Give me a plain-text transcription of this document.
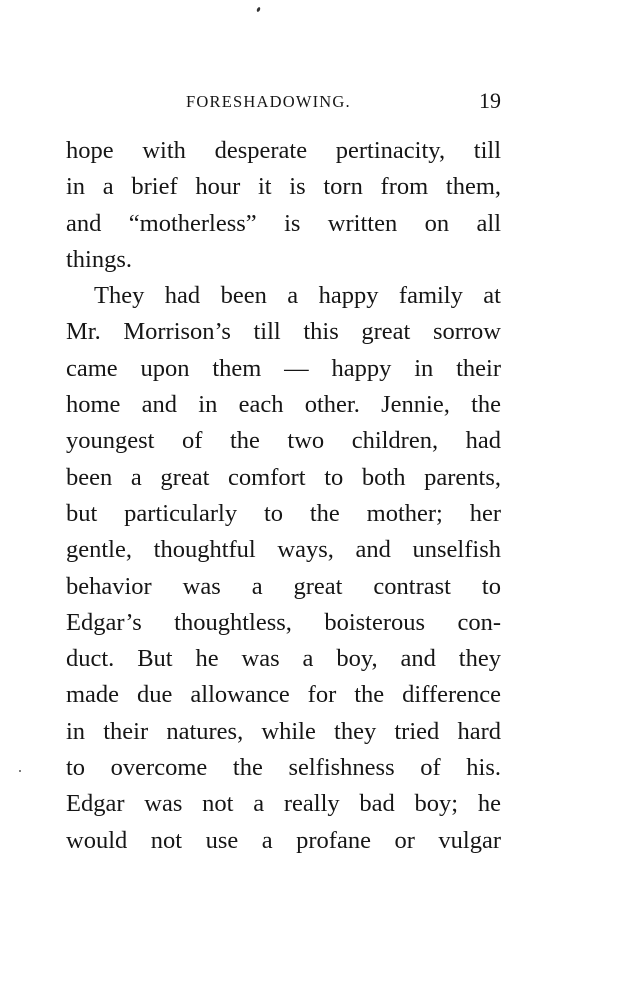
FORESHADOWING.	19
hope with desperate pertinacity, till
in a brief hour it is torn from them,
and “motherless” is written on all
things.
They had been a happy family at
Mr. Morrison’s till this great sorrow
came upon them — happy in their
home and in each other. Jennie, the
youngest of the two children, had
been a great comfort to both parents,
but particularly to the mother; her
gentle, thoughtful ways, and unselfish
behavior was a great contrast to
Edgar’s thoughtless, boisterous con-
duct. But he was a boy, and they
made due allowance for the difference
in their natures, while they tried hard
to overcome the selfishness of his.
Edgar was not a really bad boy; he
would not use a profane or vulgar
